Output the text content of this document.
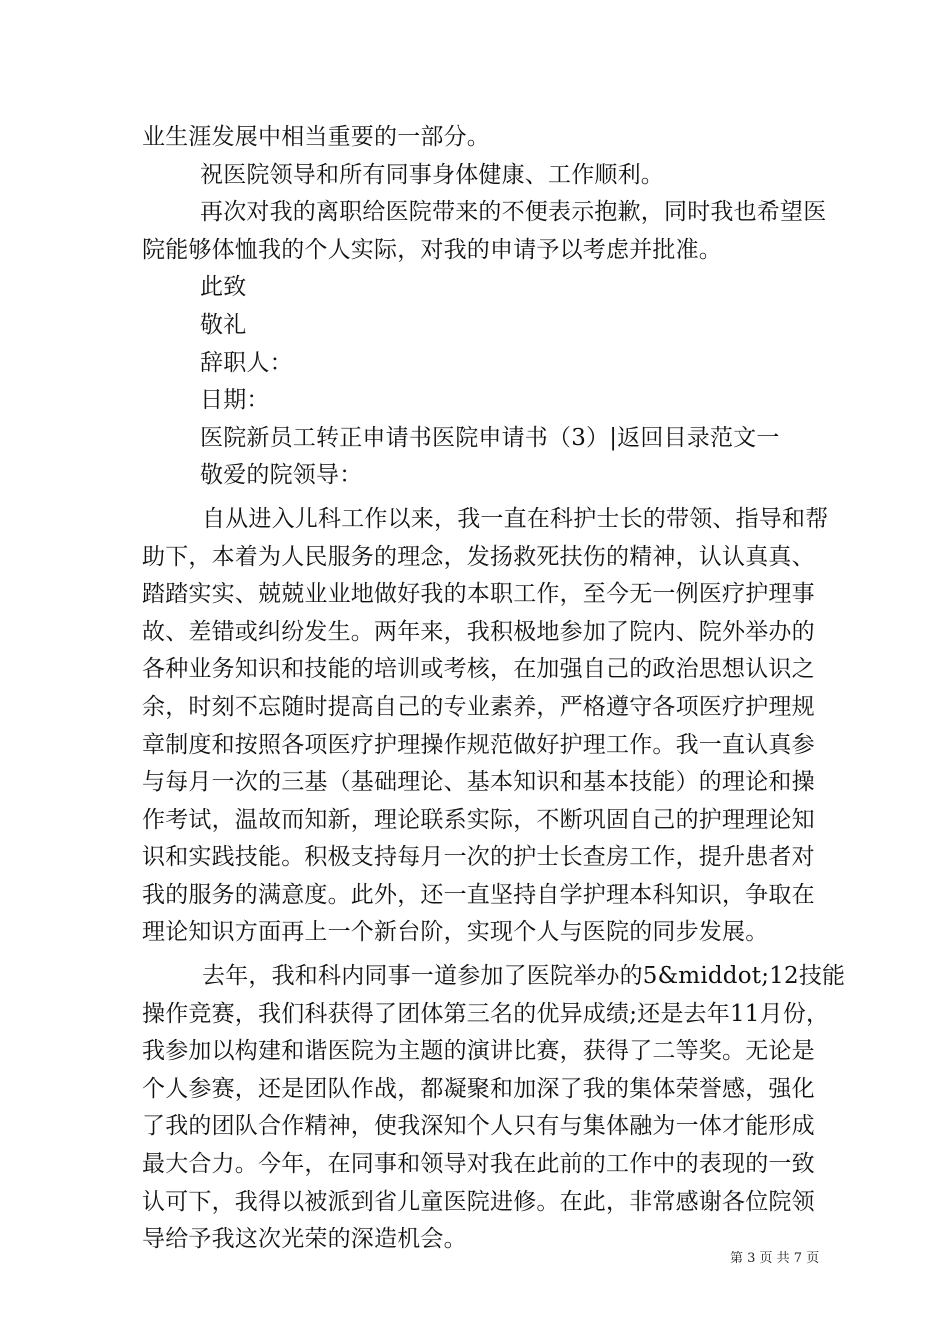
业生涯发展中相当重要的一部分。
祝医院领导和所有同事身体健康、工作顺利。
再次对我的离职给医院带来的不便表示抱歉，同时我也希望医
院能够体恤我的个人实际，对我的申请予以考虑并批准。
此致
敬礼
辞职人：
日期：
医院新员工转正申请书医院申请书（3）|返回目录范文一
敬爱的院领导：
自从进入儿科工作以来，我一直在科护士长的带领、指导和帮
助下，本着为人民服务的理念，发扬救死扶伤的精神，认认真真、
踏踏实实、兢兢业业地做好我的本职工作，至今无一例医疗护理事
故、差错或纠纷发生。两年来，我积极地参加了院内、院外举办的
各种业务知识和技能的培训或考核，在加强自己的政治思想认识之
余，时刻不忘随时提高自己的专业素养，严格遵守各项医疗护理规
章制度和按照各项医疗护理操作规范做好护理工作。我一直认真参
与每月一次的三基（基础理论、基本知识和基本技能）的理论和操
作考试，温故而知新，理论联系实际，不断巩固自己的护理理论知
识和实践技能。积极支持每月一次的护士长查房工作，提升患者对
我的服务的满意度。此外，还一直坚持自学护理本科知识，争取在
理论知识方面再上一个新台阶，实现个人与医院的同步发展。
去年，我和科内同事一道参加了医院举办的5&middot;12技能
操作竞赛，我们科获得了团体第三名的优异成绩;还是去年11月份，
我参加以构建和谐医院为主题的演讲比赛，获得了二等奖。无论是
个人参赛，还是团队作战，都凝聚和加深了我的集体荣誉感，强化
了我的团队合作精神，使我深知个人只有与集体融为一体才能形成
最大合力。今年，在同事和领导对我在此前的工作中的表现的一致
认可下，我得以被派到省儿童医院进修。在此，非常感谢各位院领
导给予我这次光荣的深造机会。
第 3 页 共 7 页
